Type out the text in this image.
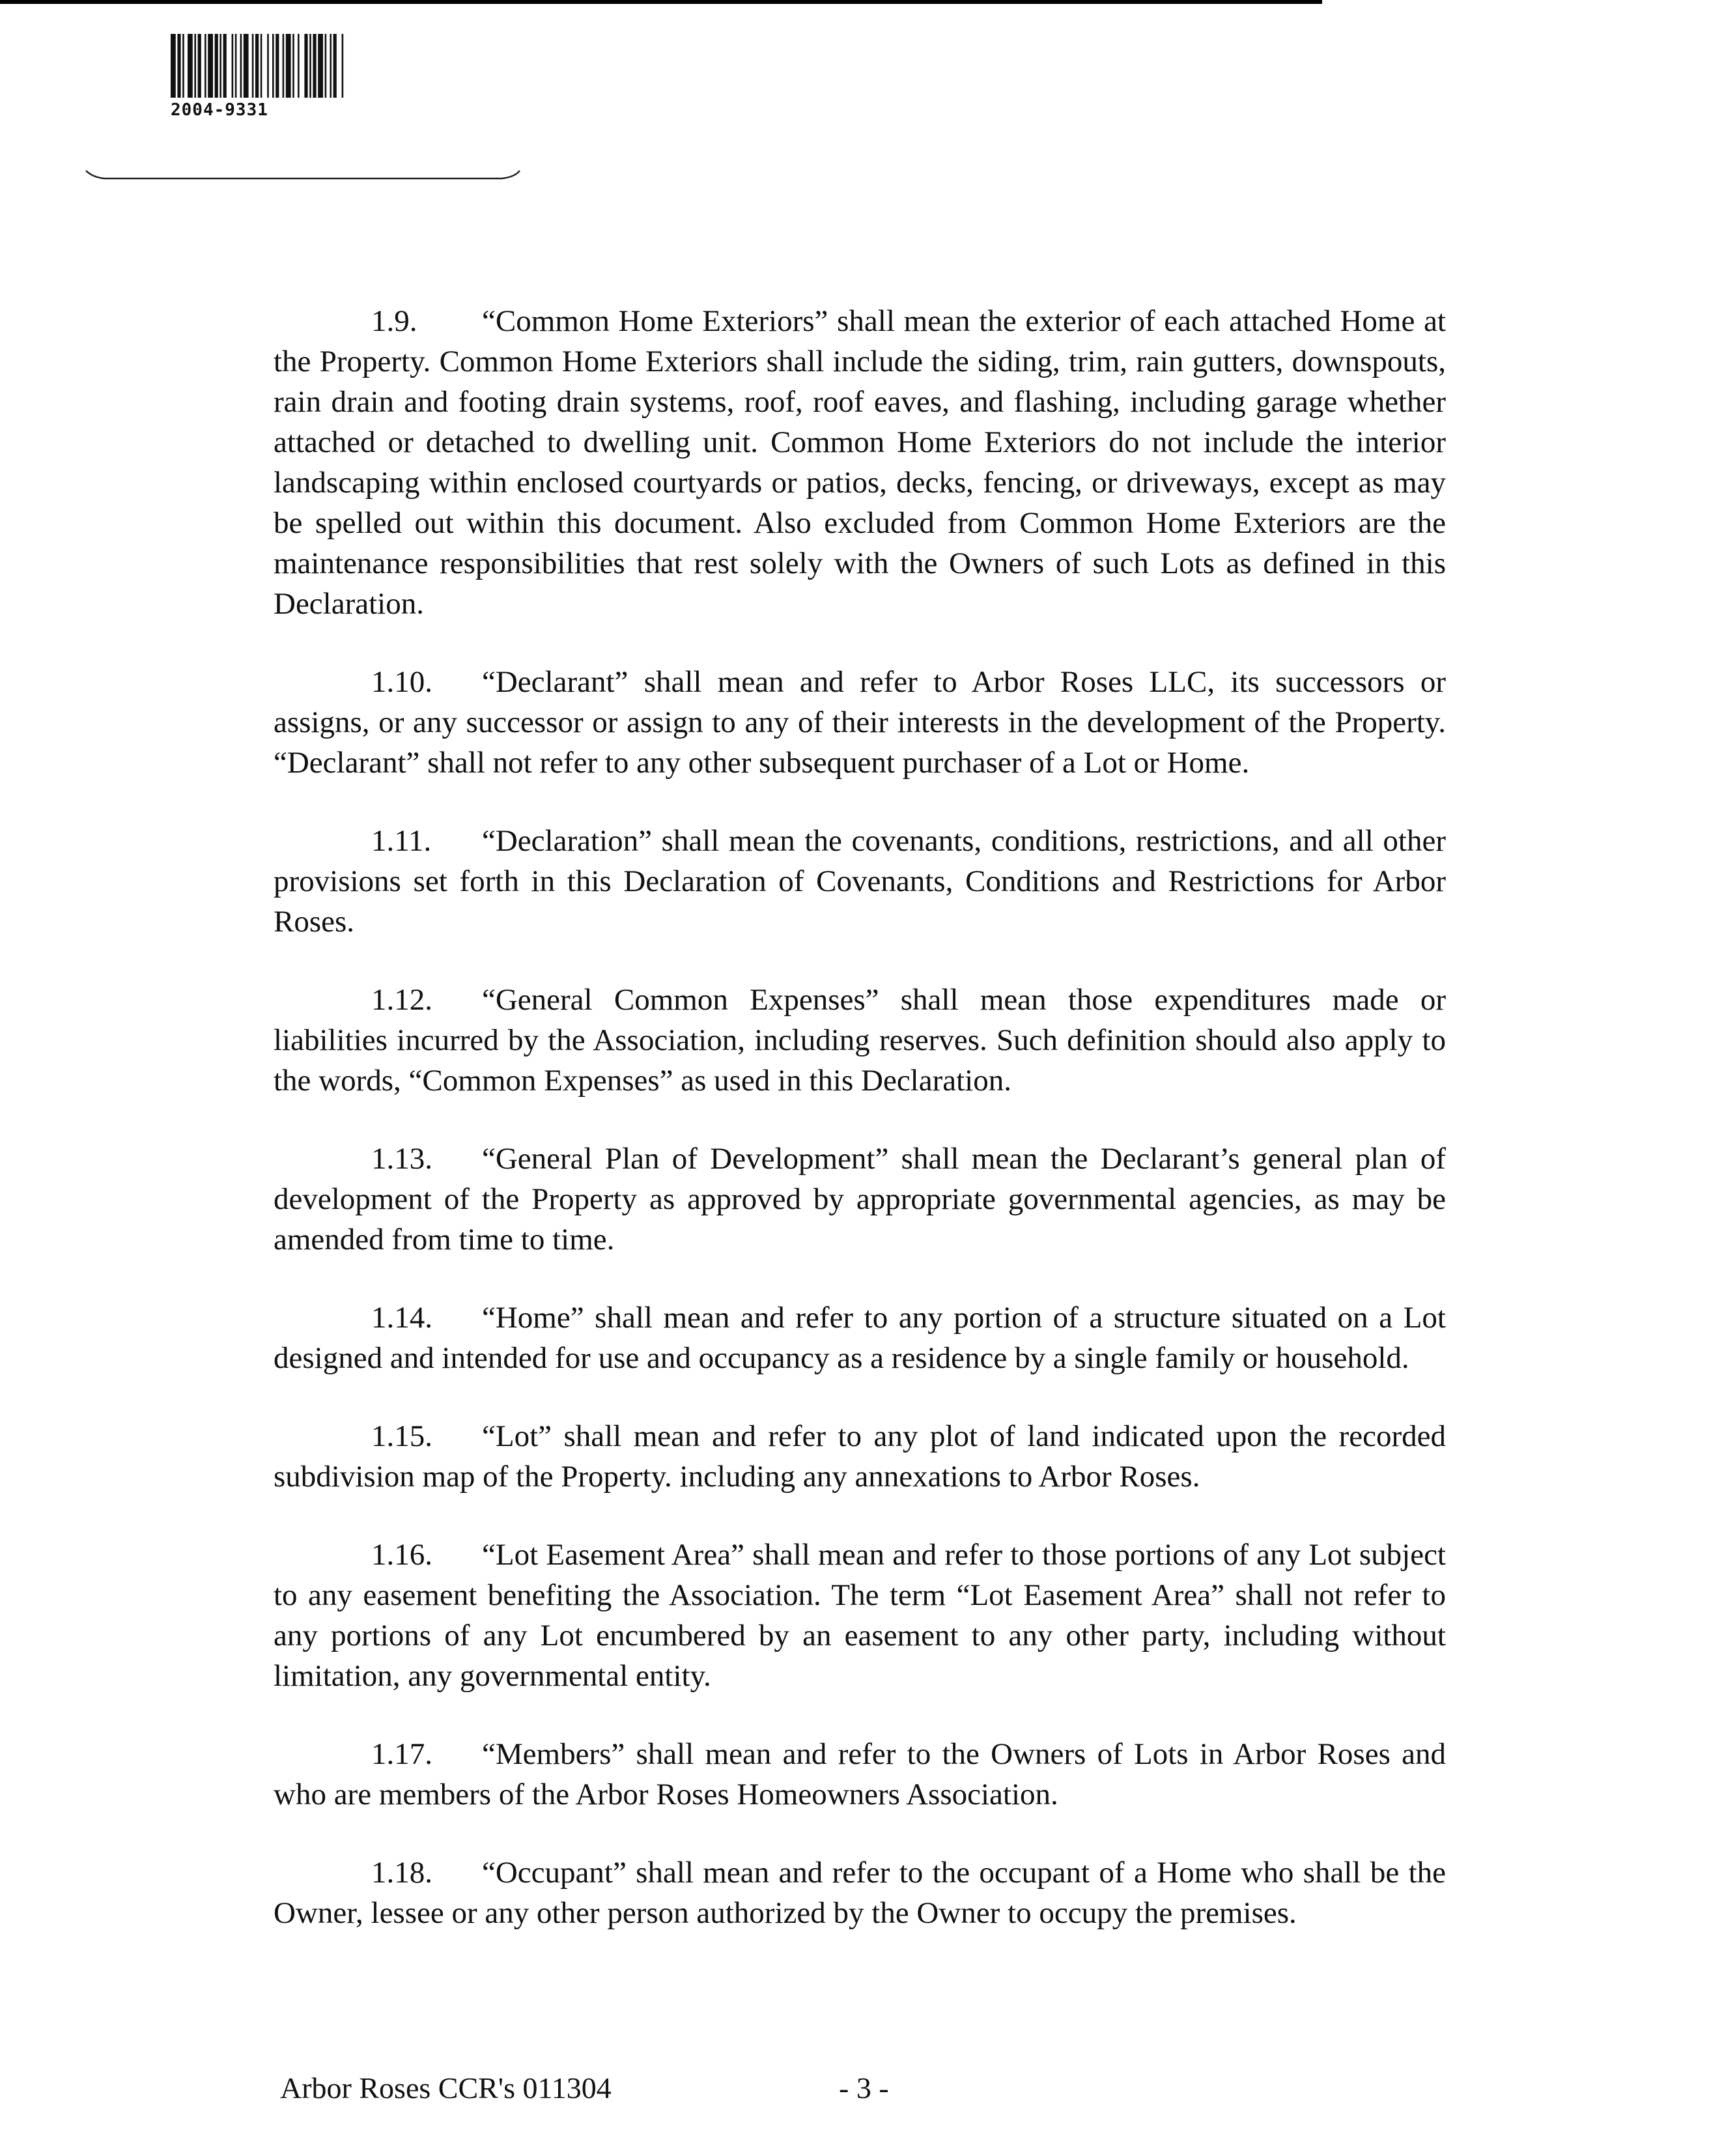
2004-9331

1.9. “Common Home Exteriors” shall mean the exterior of each attached Home at the Property. Common Home Exteriors shall include the siding, trim, rain gutters, downspouts, rain drain and footing drain systems, roof, roof eaves, and flashing, including garage whether attached or detached to dwelling unit. Common Home Exteriors do not include the interior landscaping within enclosed courtyards or patios, decks, fencing, or driveways, except as may be spelled out within this document. Also excluded from Common Home Exteriors are the maintenance responsibilities that rest solely with the Owners of such Lots as defined in this Declaration.

1.10. “Declarant” shall mean and refer to Arbor Roses LLC, its successors or assigns, or any successor or assign to any of their interests in the development of the Property. “Declarant” shall not refer to any other subsequent purchaser of a Lot or Home.

1.11. “Declaration” shall mean the covenants, conditions, restrictions, and all other provisions set forth in this Declaration of Covenants, Conditions and Restrictions for Arbor Roses.

1.12. “General Common Expenses” shall mean those expenditures made or liabilities incurred by the Association, including reserves. Such definition should also apply to the words, “Common Expenses” as used in this Declaration.

1.13. “General Plan of Development” shall mean the Declarant’s general plan of development of the Property as approved by appropriate governmental agencies, as may be amended from time to time.

1.14. “Home” shall mean and refer to any portion of a structure situated on a Lot designed and intended for use and occupancy as a residence by a single family or household.

1.15. “Lot” shall mean and refer to any plot of land indicated upon the recorded subdivision map of the Property. including any annexations to Arbor Roses.

1.16. “Lot Easement Area” shall mean and refer to those portions of any Lot subject to any easement benefiting the Association. The term “Lot Easement Area” shall not refer to any portions of any Lot encumbered by an easement to any other party, including without limitation, any governmental entity.

1.17. “Members” shall mean and refer to the Owners of Lots in Arbor Roses and who are members of the Arbor Roses Homeowners Association.

1.18. “Occupant” shall mean and refer to the occupant of a Home who shall be the Owner, lessee or any other person authorized by the Owner to occupy the premises.

Arbor Roses CCR's 011304	- 3 -
